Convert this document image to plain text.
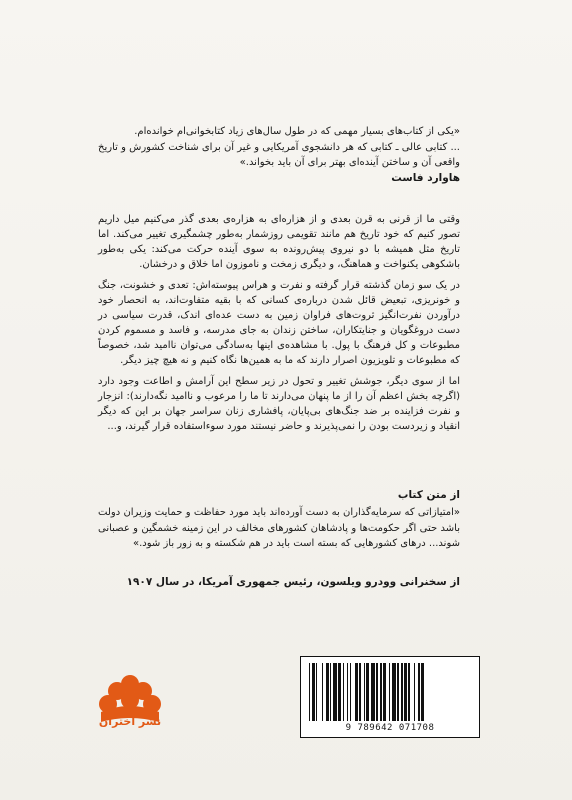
«یکی از کتاب‌های بسیار مهمی که در طول سال‌های زیاد کتابخوانی‌ام خوانده‌ام.

... کتابی عالی ـ کتابی که هر دانشجوی آمریکایی و غیر آن برای شناخت کشورش و تاریخ واقعی آن و ساختن آینده‌ای بهتر برای آن باید بخواند.»

هاوارد فاست

وقتی ما از قرنی به قرن بعدی و از هزاره‌ای به هزاره‌ی بعدی گذر می‌کنیم میل داریم تصور کنیم که خود تاریخ هم مانند تقویمی روزشمار به‌طور چشمگیری تغییر می‌کند. اما تاریخ مثل همیشه با دو نیروی پیش‌رونده به سوی آینده حرکت می‌کند: یکی به‌طور باشکوهی یکنواخت و هماهنگ، و دیگری زمخت و ناموزون اما خلاق و درخشان.

در یک سو زمان گذشته قرار گرفته و نفرت و هراس پیوسته‌اش: تعدی و خشونت، جنگ و خونریزی، تبعیض قائل شدن درباره‌ی کسانی که با بقیه متفاوت‌اند، به انحصار خود درآوردن نفرت‌انگیز ثروت‌های فراوان زمین به دست عده‌ای اندک، قدرت سیاسی در دست دروغگویان و جنایتکاران، ساختن زندان به جای مدرسه، و فاسد و مسموم کردن مطبوعات و کل فرهنگ با پول. با مشاهده‌ی اینها به‌سادگی می‌توان ناامید شد، خصوصاً که مطبوعات و تلویزیون اصرار دارند که ما به همین‌ها نگاه کنیم و نه هیچ چیز دیگر.

اما از سوی دیگر، جوشش تغییر و تحول در زیر سطح این آرامش و اطاعت وجود دارد (اگرچه بخش اعظم آن را از ما پنهان می‌دارند تا ما را مرعوب و ناامید نگه‌دارند): انزجار و نفرت فزاینده بر ضد جنگ‌های بی‌پایان، پافشاری زنان سراسر جهان بر این که دیگر انقیاد و زیردست بودن را نمی‌پذیرند و حاضر نیستند مورد سوءاستفاده قرار گیرند، و...

از متن کتاب

«امتیازاتی که سرمایه‌گذاران به دست آورده‌اند باید مورد حفاظت و حمایت وزیران دولت باشد حتی اگر حکومت‌ها و پادشاهان کشورهای مخالف در این زمینه خشمگین و عصبانی شوند... درهای کشورهایی که بسته است باید در هم شکسته و به زور باز شود.»

از سخنرانی وودرو ویلسون، رئیس جمهوری آمریکا، در سال ۱۹۰۷
نشر اختران	9 789642 071708
